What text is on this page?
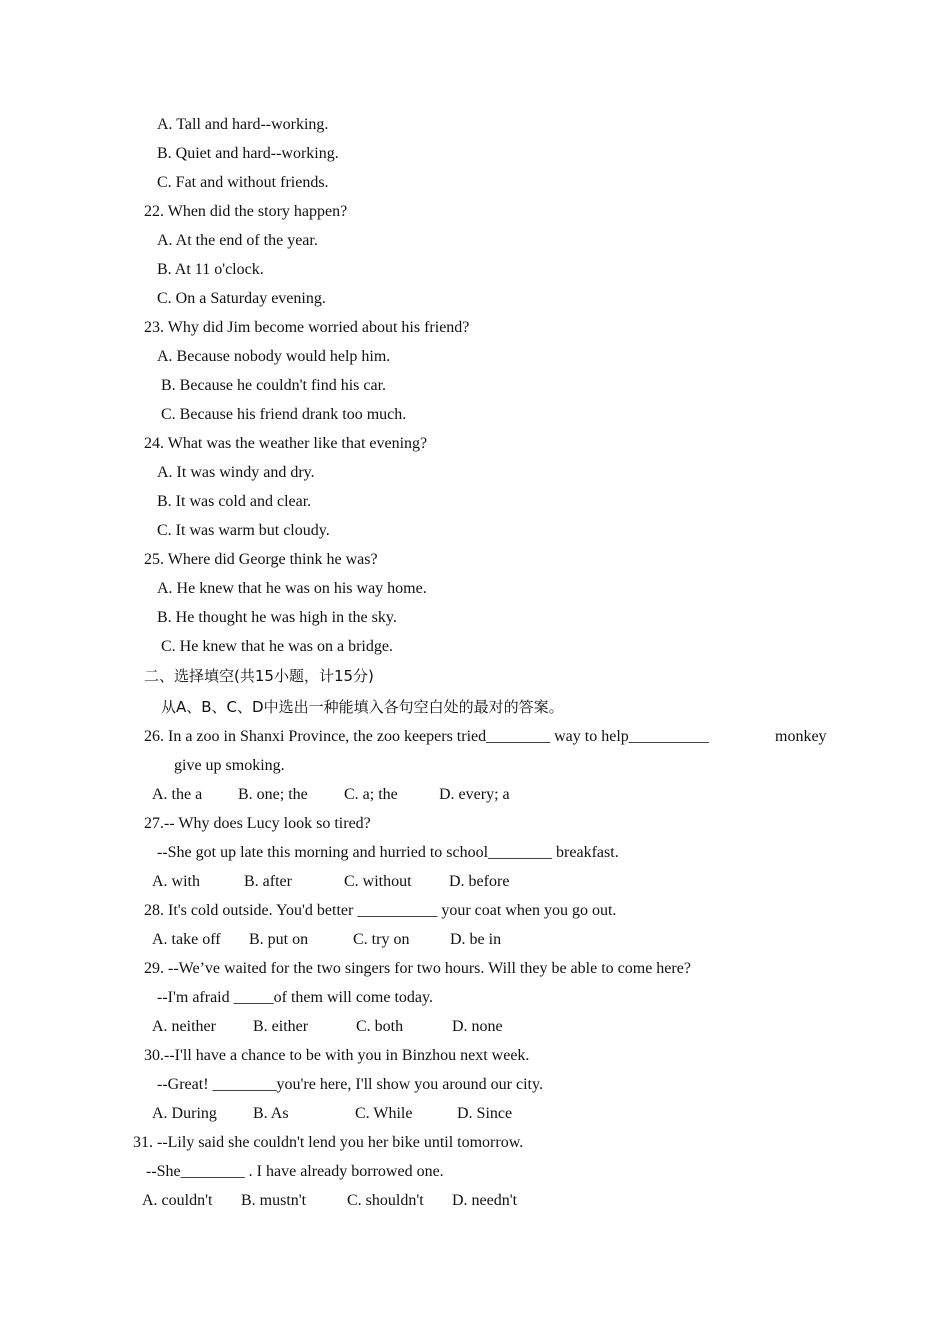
A. Tall and hard--working.
B. Quiet and hard--working.
C. Fat and without friends.
22. When did the story happen?
A. At the end of the year.
B. At 11 o'clock.
C. On a Saturday evening.
23. Why did Jim become worried about his friend?
A. Because nobody would help him.
B. Because he couldn't find his car.
C. Because his friend drank too much.
24. What was the weather like that evening?
A. It was windy and dry.
B. It was cold and clear.
C. It was warm but cloudy.
25. Where did George think he was?
A. He knew that he was on his way home.
B. He thought he was high in the sky.
C. He knew that he was on a bridge.
二、选择填空(共15小题，计15分)
从A、B、C、D中选出一种能填入各句空白处的最对的答案。
26. In a zoo in Shanxi Province, the zoo keepers tried________ way to help__________	monkey
give up smoking.
A. the a B. one; the C. a; the	D. every; a
27.-- Why does Lucy look so tired?
--She got up late this morning and hurried to school________ breakfast.
A. with	B. after	C. without D. before
28. It's cold outside. You'd better __________ your coat when you go out.
A. take off B. put on	C. try on	D. be in
29. --We’ve waited for the two singers for two hours. Will they be able to come here?
--I'm afraid _____of them will come today.
A. neither B. either	C. both	D. none
30.--I'll have a chance to be with you in Binzhou next week.
--Great! ________you're here, I'll show you around our city.
A. During B. As	C. While	D. Since
31. --Lily said she couldn't lend you her bike until tomorrow.
--She________ . I have already borrowed one.
A. couldn't B. mustn't	C. shouldn't D. needn't
